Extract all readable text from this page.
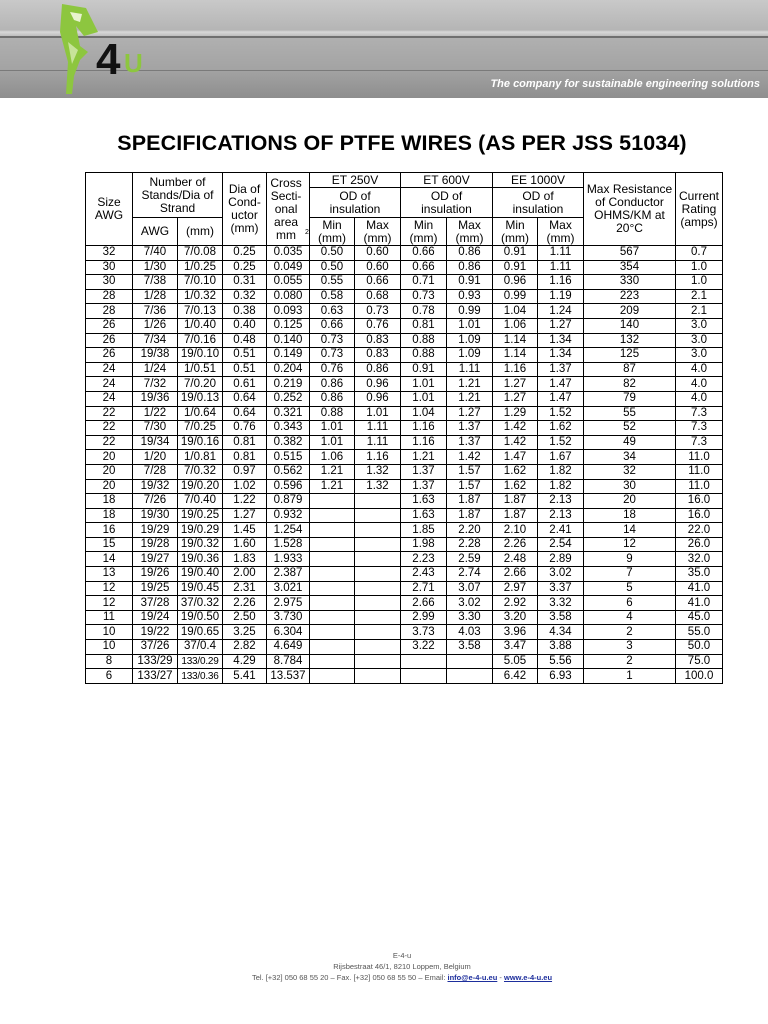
4 U
The company for sustainable engineering solutions
SPECIFICATIONS OF PTFE WIRES (AS PER JSS 51034)
Size AWG	Number of Stands/Dia of Strand		Dia of Cond-uctor (mm)	Cross Secti-onal area mm $^2$	ET 250V		ET 600V		EE 1000V		Max Resistance of Conductor OHMS/KM at 20°C	Current Rating (amps)
					OD of insulation		OD of insulation		OD of insulation			
	AWG	(mm)			Min (mm)	Max (mm)	Min (mm)	Max (mm)	Min (mm)	Max (mm)		
32	7/40	7/0.08	0.25	0.035	0.50	0.60	0.66	0.86	0.91	1.11	567	0.7
30	1/30	1/0.25	0.25	0.049	0.50	0.60	0.66	0.86	0.91	1.11	354	1.0
30	7/38	7/0.10	0.31	0.055	0.55	0.66	0.71	0.91	0.96	1.16	330	1.0
28	1/28	1/0.32	0.32	0.080	0.58	0.68	0.73	0.93	0.99	1.19	223	2.1
28	7/36	7/0.13	0.38	0.093	0.63	0.73	0.78	0.99	1.04	1.24	209	2.1
26	1/26	1/0.40	0.40	0.125	0.66	0.76	0.81	1.01	1.06	1.27	140	3.0
26	7/34	7/0.16	0.48	0.140	0.73	0.83	0.88	1.09	1.14	1.34	132	3.0
26	19/38	19/0.10	0.51	0.149	0.73	0.83	0.88	1.09	1.14	1.34	125	3.0
24	1/24	1/0.51	0.51	0.204	0.76	0.86	0.91	1.11	1.16	1.37	87	4.0
24	7/32	7/0.20	0.61	0.219	0.86	0.96	1.01	1.21	1.27	1.47	82	4.0
24	19/36	19/0.13	0.64	0.252	0.86	0.96	1.01	1.21	1.27	1.47	79	4.0
22	1/22	1/0.64	0.64	0.321	0.88	1.01	1.04	1.27	1.29	1.52	55	7.3
22	7/30	7/0.25	0.76	0.343	1.01	1.11	1.16	1.37	1.42	1.62	52	7.3
22	19/34	19/0.16	0.81	0.382	1.01	1.11	1.16	1.37	1.42	1.52	49	7.3
20	1/20	1/0.81	0.81	0.515	1.06	1.16	1.21	1.42	1.47	1.67	34	11.0
20	7/28	7/0.32	0.97	0.562	1.21	1.32	1.37	1.57	1.62	1.82	32	11.0
20	19/32	19/0.20	1.02	0.596	1.21	1.32	1.37	1.57	1.62	1.82	30	11.0
18	7/26	7/0.40	1.22	0.879			1.63	1.87	1.87	2.13	20	16.0
18	19/30	19/0.25	1.27	0.932			1.63	1.87	1.87	2.13	18	16.0
16	19/29	19/0.29	1.45	1.254			1.85	2.20	2.10	2.41	14	22.0
15	19/28	19/0.32	1.60	1.528			1.98	2.28	2.26	2.54	12	26.0
14	19/27	19/0.36	1.83	1.933			2.23	2.59	2.48	2.89	9	32.0
13	19/26	19/0.40	2.00	2.387			2.43	2.74	2.66	3.02	7	35.0
12	19/25	19/0.45	2.31	3.021			2.71	3.07	2.97	3.37	5	41.0
12	37/28	37/0.32	2.26	2.975			2.66	3.02	2.92	3.32	6	41.0
11	19/24	19/0.50	2.50	3.730			2.99	3.30	3.20	3.58	4	45.0
10	19/22	19/0.65	3.25	6.304			3.73	4.03	3.96	4.34	2	55.0
10	37/26	37/0.4	2.82	4.649			3.22	3.58	3.47	3.88	3	50.0
8	133/29	133/0.29	4.29	8.784					5.05	5.56	2	75.0
6	133/27	133/0.36	5.41	13.537					6.42	6.93	1	100.0
E-4-u
Rijsbestraat 46/1, 8210 Loppem, Belgium
Tel. [+32] 050 68 55 20 – Fax. [+32] 050 68 55 50 – Email: info@e-4-u.eu - www.e-4-u.eu
